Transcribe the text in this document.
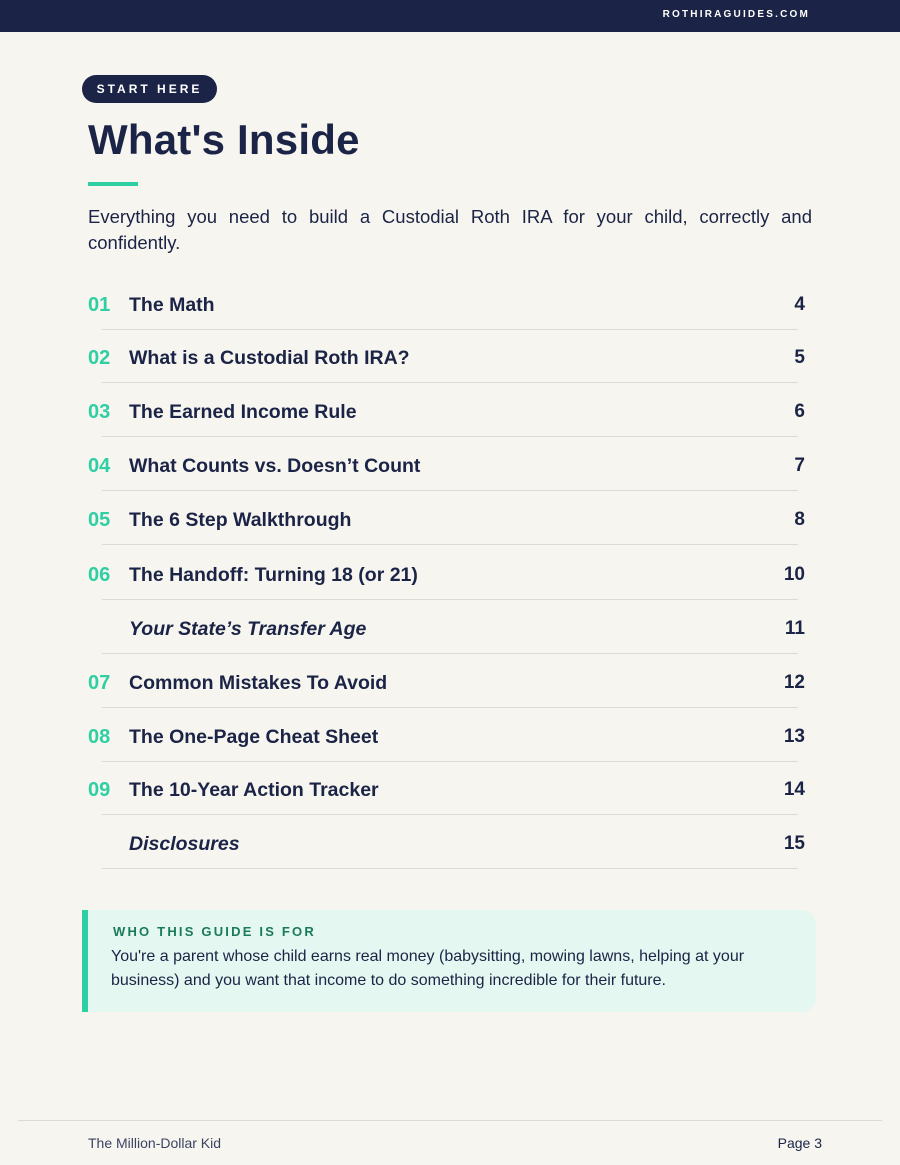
ROTHIRAGUIDES.COM
START HERE
What's Inside

Everything you need to build a Custodial Roth IRA for your child, correctly and confidently.

01 The Math	4
02 What is a Custodial Roth IRA?	5
03 The Earned Income Rule	6
04 What Counts vs. Doesn’t Count	7
05 The 6 Step Walkthrough	8
06 The Handoff: Turning 18 (or 21)	10
Your State’s Transfer Age	11
07 Common Mistakes To Avoid	12
08 The One-Page Cheat Sheet	13
09 The 10-Year Action Tracker	14
Disclosures	15
WHO THIS GUIDE IS FOR

You're a parent whose child earns real money (babysitting, mowing lawns, helping at your business) and you want that income to do something incredible for their future.

The Million-Dollar Kid	Page 3
